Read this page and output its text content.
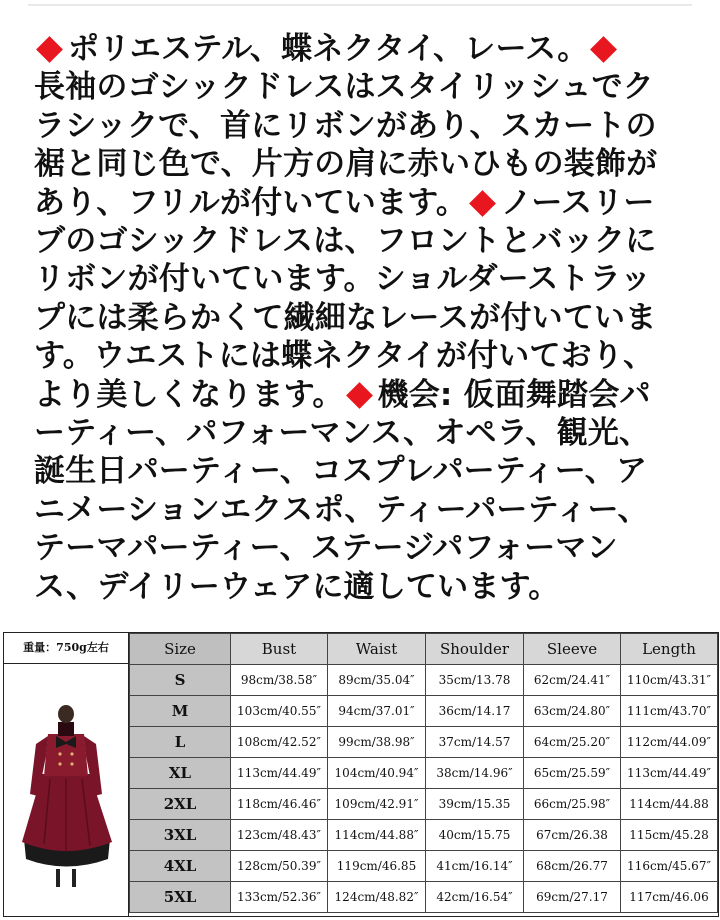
ポリエステル、蝶ネクタイ、レース。
長袖のゴシックドレスはスタイリッシュでク
ラシックで、首にリボンがあり、スカートの
裾と同じ色で、片方の肩に赤いひもの装飾が
あり、フリルが付いています。 ノースリー
ブのゴシックドレスは、フロントとバックに
リボンが付いています。ショルダーストラッ
プには柔らかくて繊細なレースが付いていま
す。ウエストには蝶ネクタイが付いており、
より美しくなります。 機会: 仮面舞踏会パ
ーティー、パフォーマンス、オペラ、観光、
誕生日パーティー、コスプレパーティー、ア
ニメーションエクスポ、ティーパーティー、
テーマパーティー、ステージパフォーマン
ス、デイリーウェアに適しています。
重量：750g左右	Size	Bust	Waist	Shoulder	Sleeve	Length
S	98cm/38.58″	89cm/35.04″	35cm/13.78	62cm/24.41″	110cm/43.31″
M	103cm/40.55″	94cm/37.01″	36cm/14.17	63cm/24.80″	111cm/43.70″
L	108cm/42.52″	99cm/38.98″	37cm/14.57	64cm/25.20″	112cm/44.09″
XL	113cm/44.49″	104cm/40.94″	38cm/14.96″	65cm/25.59″	113cm/44.49″
2XL	118cm/46.46″	109cm/42.91″	39cm/15.35	66cm/25.98″	114cm/44.88
3XL	123cm/48.43″	114cm/44.88″	40cm/15.75	67cm/26.38	115cm/45.28
4XL	128cm/50.39″	119cm/46.85	41cm/16.14″	68cm/26.77	116cm/45.67″
5XL	133cm/52.36″	124cm/48.82″	42cm/16.54″	69cm/27.17	117cm/46.06
